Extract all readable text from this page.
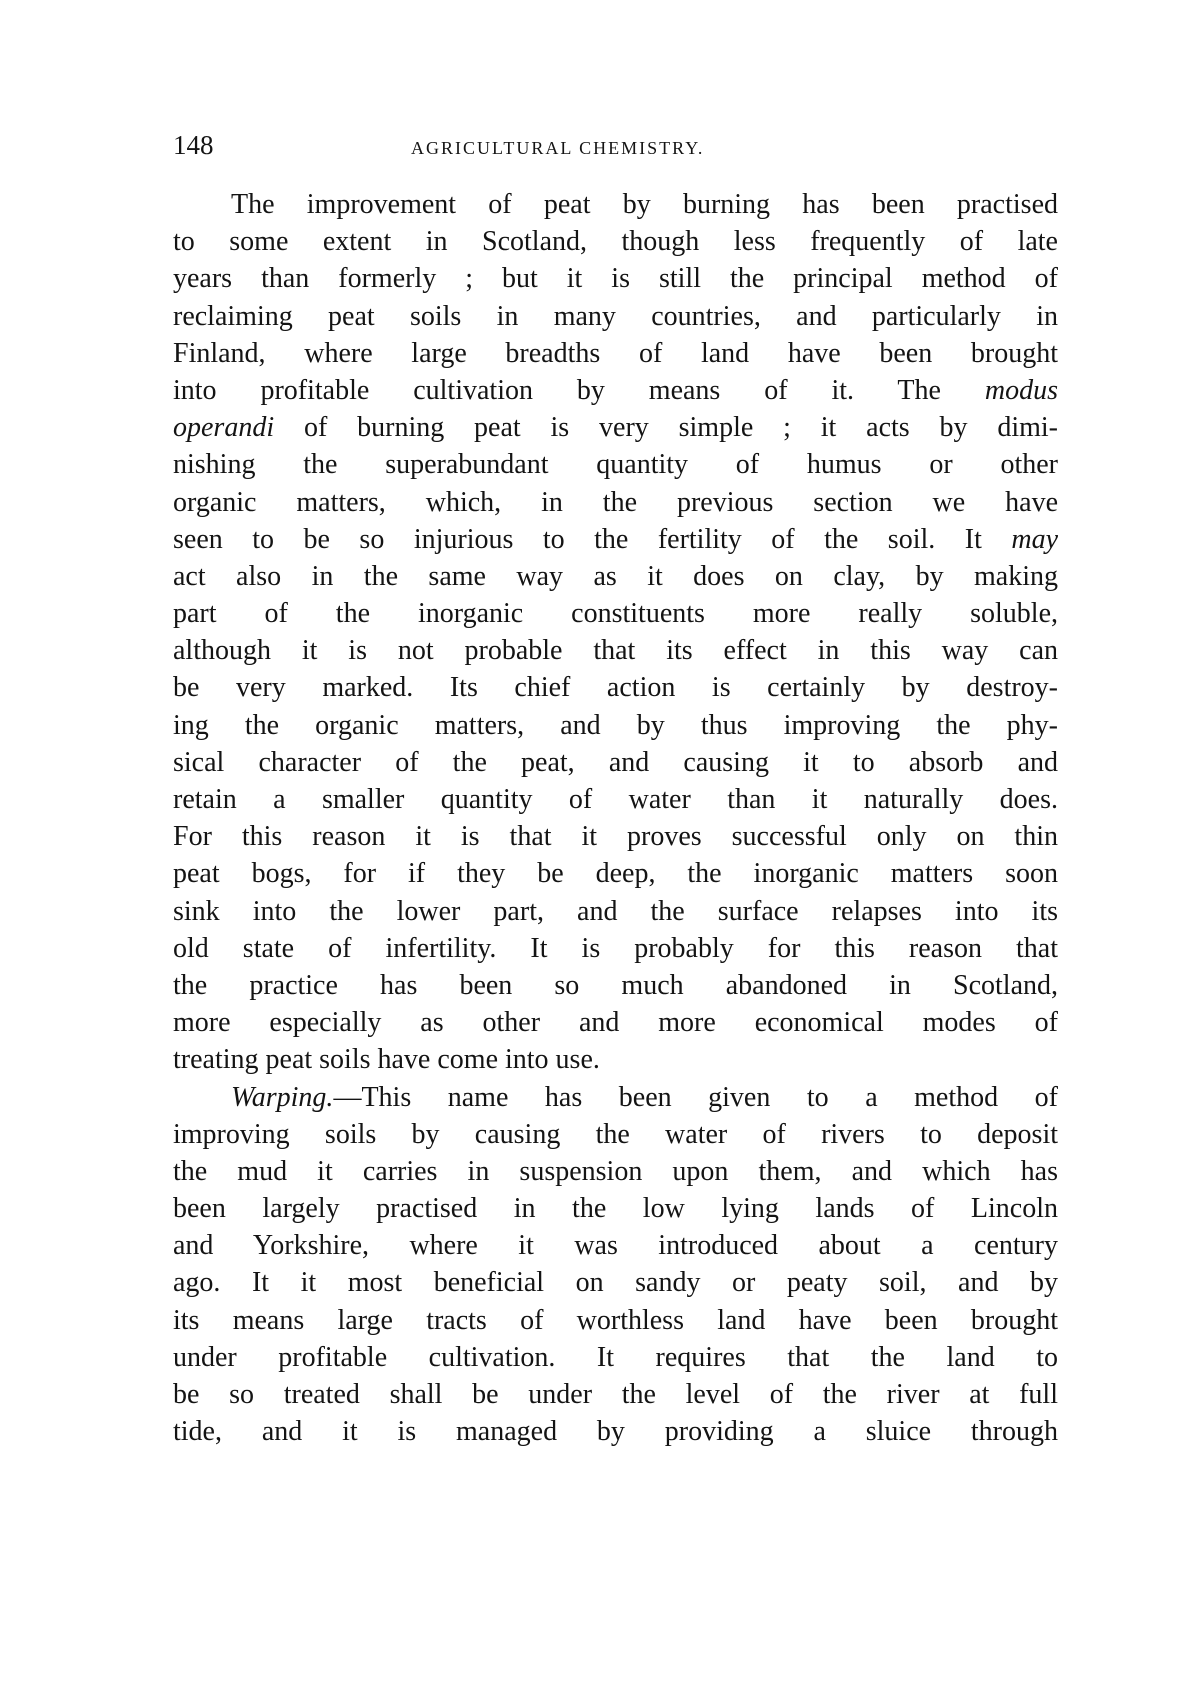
148	AGRICULTURAL CHEMISTRY.
The improvement of peat by burning has been practised
to some extent in Scotland, though less frequently of late
years than formerly ; but it is still the principal method of
reclaiming peat soils in many countries, and particularly in
Finland, where large breadths of land have been brought
into profitable cultivation by means of it. The modus
operandi of burning peat is very simple ; it acts by dimi-
nishing the superabundant quantity of humus or other
organic matters, which, in the previous section we have
seen to be so injurious to the fertility of the soil. It may
act also in the same way as it does on clay, by making
part of the inorganic constituents more really soluble,
although it is not probable that its effect in this way can
be very marked. Its chief action is certainly by destroy-
ing the organic matters, and by thus improving the phy-
sical character of the peat, and causing it to absorb and
retain a smaller quantity of water than it naturally does.
For this reason it is that it proves successful only on thin
peat bogs, for if they be deep, the inorganic matters soon
sink into the lower part, and the surface relapses into its
old state of infertility. It is probably for this reason that
the practice has been so much abandoned in Scotland,
more especially as other and more economical modes of
treating peat soils have come into use.
Warping.—This name has been given to a method of
improving soils by causing the water of rivers to deposit
the mud it carries in suspension upon them, and which has
been largely practised in the low lying lands of Lincoln
and Yorkshire, where it was introduced about a century
ago. It it most beneficial on sandy or peaty soil, and by
its means large tracts of worthless land have been brought
under profitable cultivation. It requires that the land to
be so treated shall be under the level of the river at full
tide, and it is managed by providing a sluice through
